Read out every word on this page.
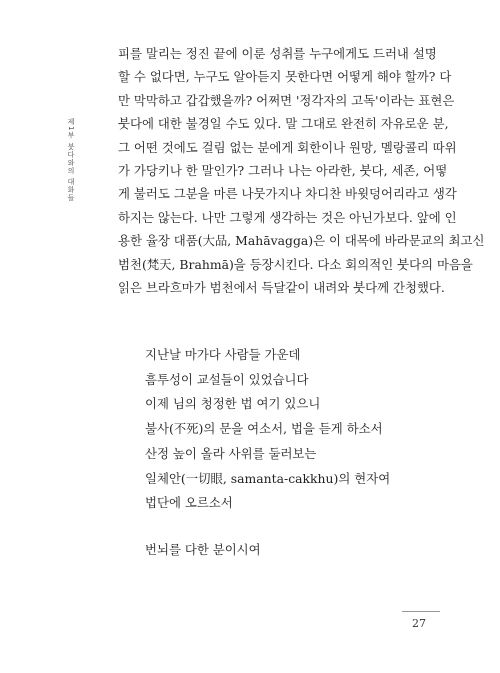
제1부 붓다와의 대화들
피를 말리는 정진 끝에 이룬 성취를 누구에게도 드러내 설명
할 수 없다면, 누구도 알아듣지 못한다면 어떻게 해야 할까? 다
만 막막하고 갑갑했을까? 어쩌면 '정각자의 고독'이라는 표현은
붓다에 대한 불경일 수도 있다. 말 그대로 완전히 자유로운 분,
그 어떤 것에도 걸림 없는 분에게 회한이나 원망, 멜랑콜리 따위
가 가당키나 한 말인가? 그러나 나는 아라한, 붓다, 세존, 어떻
게 불러도 그분을 마른 나뭇가지나 차디찬 바윗덩어리라고 생각
하지는 않는다. 나만 그렇게 생각하는 것은 아닌가보다. 앞에 인
용한 율장 대품(大品, Mahāvagga)은 이 대목에 바라문교의 최고신
범천(梵天, Brahmā)을 등장시킨다. 다소 회의적인 붓다의 마음을
읽은 브라흐마가 범천에서 득달같이 내려와 붓다께 간청했다.
지난날 마가다 사람들 가운데
흠투성이 교설들이 있었습니다
이제 님의 청정한 법 여기 있으니
불사(不死)의 문을 여소서, 법을 듣게 하소서
산정 높이 올라 사위를 둘러보는
일체안(一切眼, samanta-cakkhu)의 현자여
법단에 오르소서
번뇌를 다한 분이시여
27
